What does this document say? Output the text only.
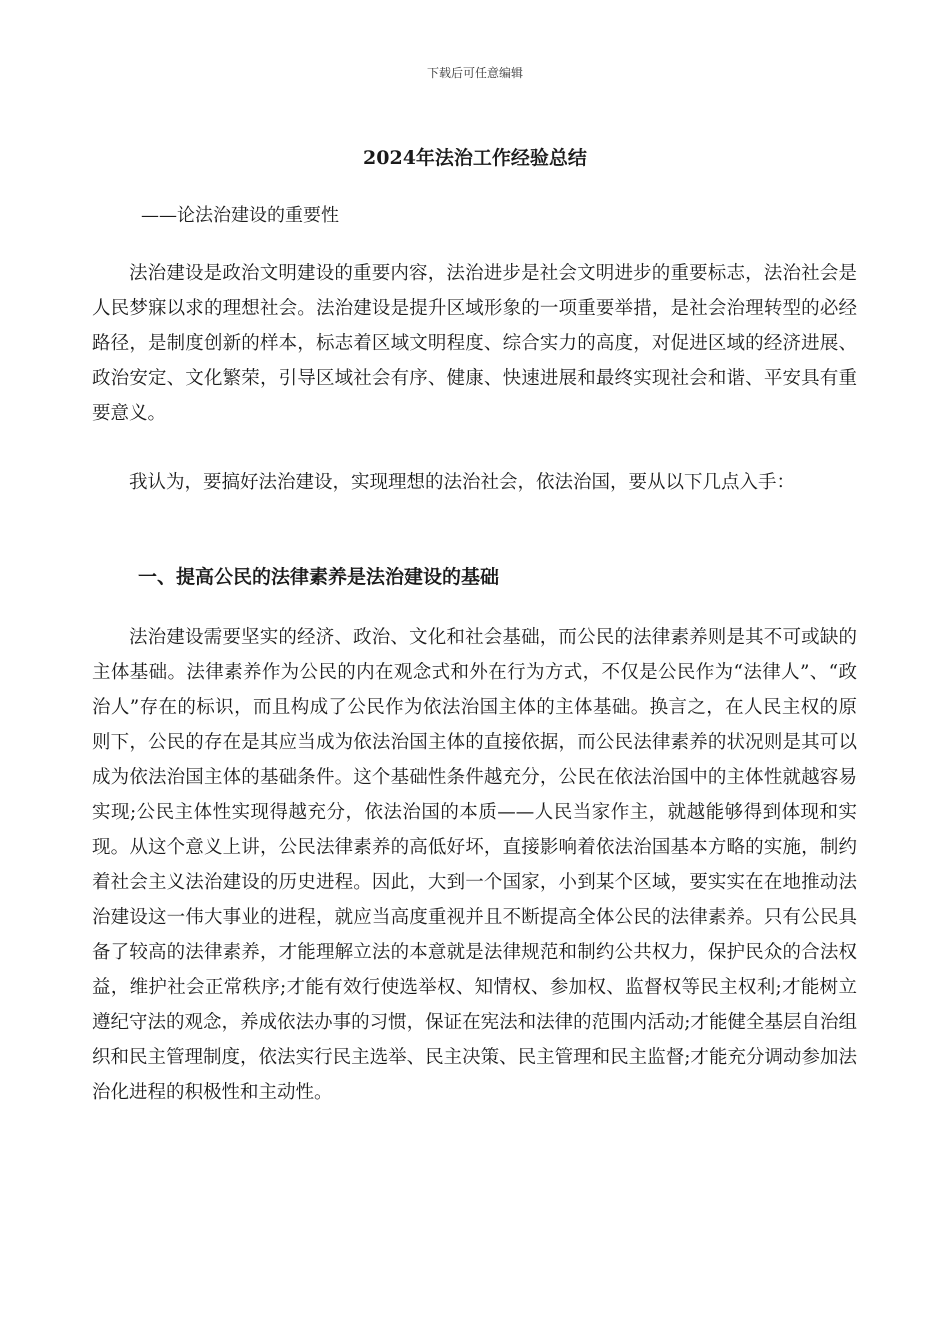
下载后可任意编辑
2024年法治工作经验总结
——论法治建设的重要性

法治建设是政治文明建设的重要内容，法治进步是社会文明进步的重要标志，法治社会是人民梦寐以求的理想社会。法治建设是提升区域形象的一项重要举措，是社会治理转型的必经路径，是制度创新的样本，标志着区域文明程度、综合实力的高度，对促进区域的经济进展、政治安定、文化繁荣，引导区域社会有序、健康、快速进展和最终实现社会和谐、平安具有重要意义。

我认为，要搞好法治建设，实现理想的法治社会，依法治国，要从以下几点入手：

一、提高公民的法律素养是法治建设的基础

法治建设需要坚实的经济、政治、文化和社会基础，而公民的法律素养则是其不可或缺的主体基础。法律素养作为公民的内在观念式和外在行为方式，不仅是公民作为“法律人”、“政治人”存在的标识，而且构成了公民作为依法治国主体的主体基础。换言之，在人民主权的原则下，公民的存在是其应当成为依法治国主体的直接依据，而公民法律素养的状况则是其可以成为依法治国主体的基础条件。这个基础性条件越充分，公民在依法治国中的主体性就越容易实现;公民主体性实现得越充分，依法治国的本质——人民当家作主，就越能够得到体现和实现。从这个意义上讲，公民法律素养的高低好坏，直接影响着依法治国基本方略的实施，制约着社会主义法治建设的历史进程。因此，大到一个国家，小到某个区域，要实实在在地推动法治建设这一伟大事业的进程，就应当高度重视并且不断提高全体公民的法律素养。只有公民具备了较高的法律素养，才能理解立法的本意就是法律规范和制约公共权力，保护民众的合法权益，维护社会正常秩序;才能有效行使选举权、知情权、参加权、监督权等民主权利;才能树立遵纪守法的观念，养成依法办事的习惯，保证在宪法和法律的范围内活动;才能健全基层自治组织和民主管理制度，依法实行民主选举、民主决策、民主管理和民主监督;才能充分调动参加法治化进程的积极性和主动性。
